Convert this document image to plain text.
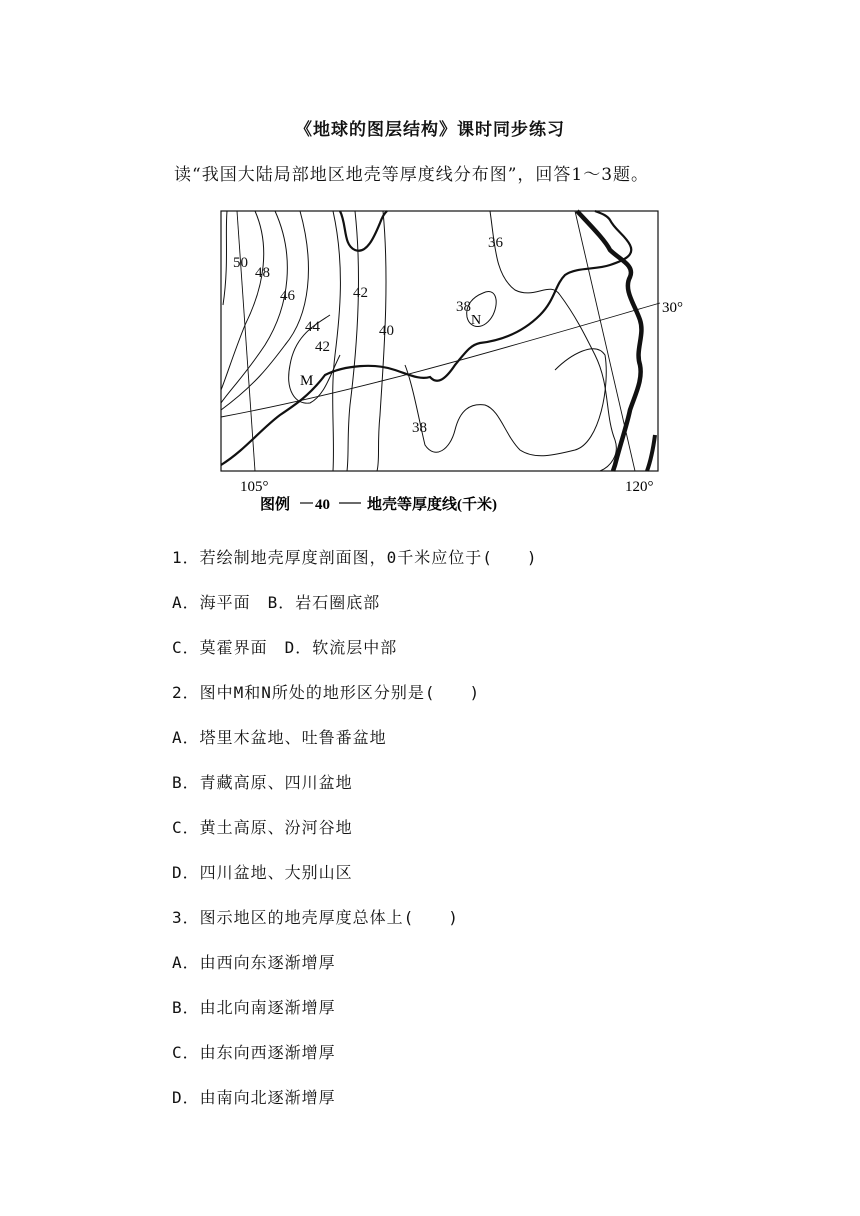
《地球的图层结构》课时同步练习
读“我国大陆局部地区地壳等厚度线分布图”，回答1～3题。
50
48
46
44
42
42
40
36
38
38
M
N
30°
105°	120°
图例 40 地壳等厚度线(千米)
1．若绘制地壳厚度剖面图，0千米应位于(　　)
A．海平面　B．岩石圈底部
C．莫霍界面　D．软流层中部
2．图中M和N所处的地形区分别是(　　)
A．塔里木盆地、吐鲁番盆地
B．青藏高原、四川盆地
C．黄土高原、汾河谷地
D．四川盆地、大别山区
3．图示地区的地壳厚度总体上(　　)
A．由西向东逐渐增厚
B．由北向南逐渐增厚
C．由东向西逐渐增厚
D．由南向北逐渐增厚
